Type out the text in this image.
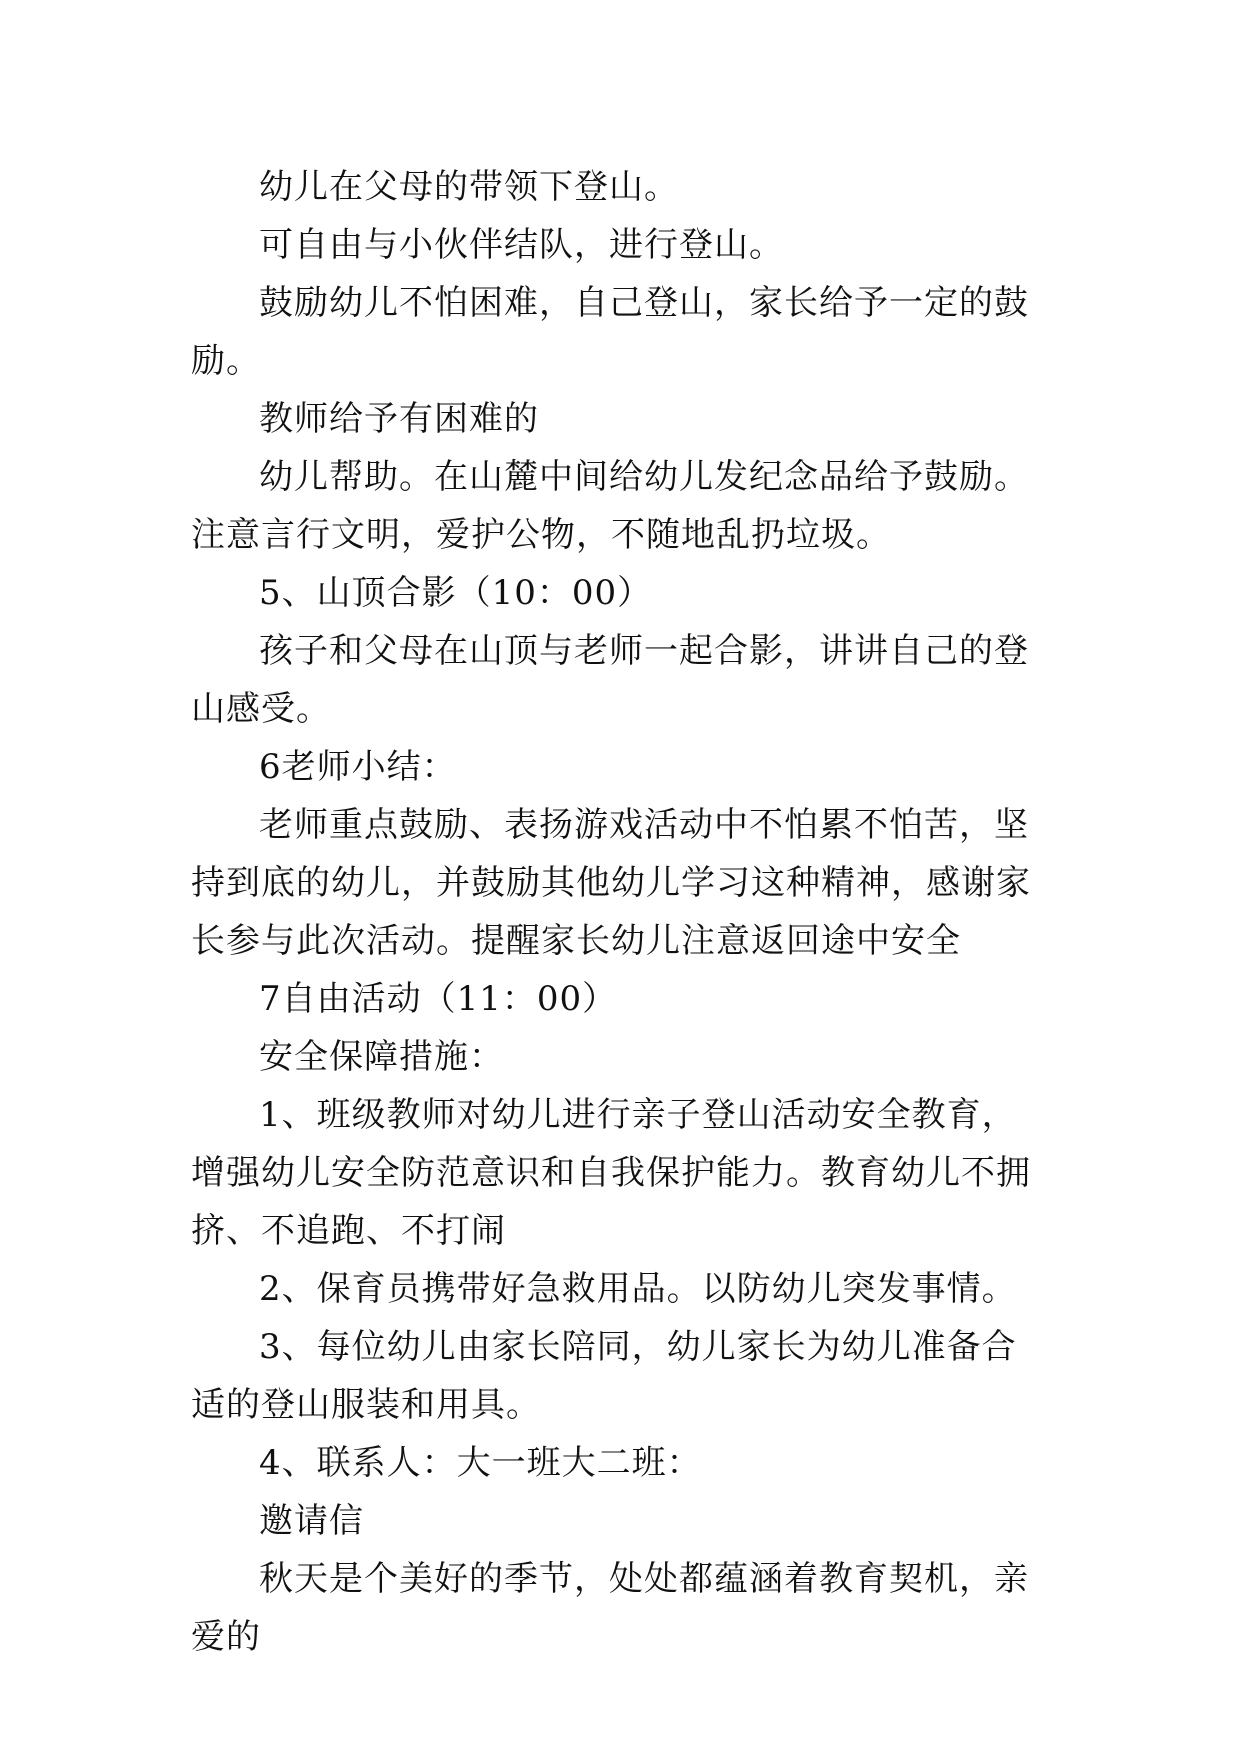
幼儿在父母的带领下登山。

可自由与小伙伴结队，进行登山。

鼓励幼儿不怕困难，自己登山，家长给予一定的鼓励。

教师给予有困难的

幼儿帮助。在山麓中间给幼儿发纪念品给予鼓励。注意言行文明，爱护公物，不随地乱扔垃圾。

5、山顶合影（10：00）

孩子和父母在山顶与老师一起合影，讲讲自己的登山感受。

6老师小结：

老师重点鼓励、表扬游戏活动中不怕累不怕苦，坚持到底的幼儿，并鼓励其他幼儿学习这种精神，感谢家长参与此次活动。提醒家长幼儿注意返回途中安全

7自由活动（11：00）

安全保障措施：

1、班级教师对幼儿进行亲子登山活动安全教育，增强幼儿安全防范意识和自我保护能力。教育幼儿不拥挤、不追跑、不打闹

2、保育员携带好急救用品。以防幼儿突发事情。

3、每位幼儿由家长陪同，幼儿家长为幼儿准备合适的登山服装和用具。

4、联系人：大一班大二班：

邀请信

秋天是个美好的季节，处处都蕴涵着教育契机，亲爱的
